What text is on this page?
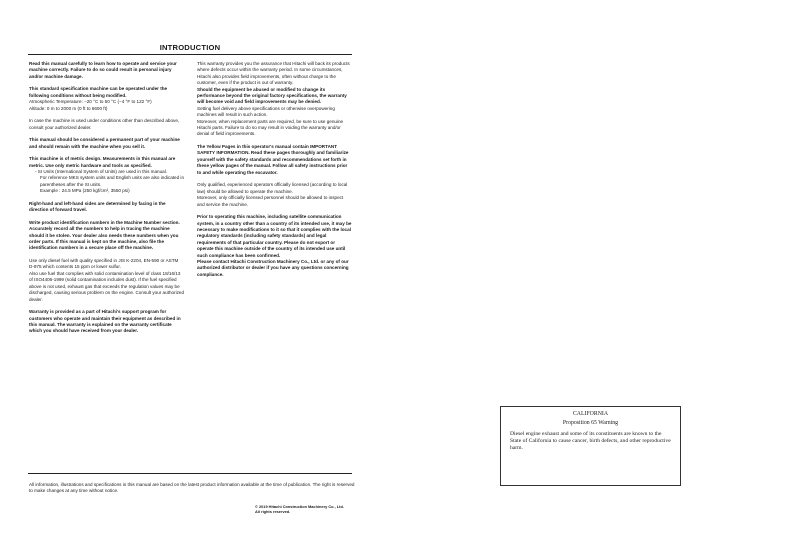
INTRODUCTION

Read this manual carefully to learn how to operate and service your machine correctly. Failure to do so could result in personal injury and/or machine damage.

This standard specification machine can be operated under the following conditions without being modified.
Atmospheric Temperature: −20 °C to 50 °C (−4 °F to 122 °F)
Altitude: 0 m to 2000 m (0 ft to 6600 ft)

In case the machine is used under conditions other than described above, consult your authorized dealer.

This manual should be considered a permanent part of your machine and should remain with the machine when you sell it.

This machine is of metric design. Measurements in this manual are metric. Use only metric hardware and tools as specified.

- SI Units (International System of Units) are used in this manual.
For reference MKS system units and English units are also indicated in parentheses after the SI units.
Example : 24.5 MPa (250 kgf/cm², 3550 psi)

Right-hand and left-hand sides are determined by facing in the direction of forward travel.

Write product identification numbers in the Machine Number section. Accurately record all the numbers to help in tracing the machine should it be stolen. Your dealer also needs these numbers when you order parts. If this manual is kept on the machine, also file the identification numbers in a secure place off the machine.

Use only diesel fuel with quality specified in JIS K-2204, EN-590 or ASTM D-975 which contents 15 ppm or lower sulfur.
Also use fuel that complies with solid contamination level of class 18/16/13 of ISO4406-1999 (solid contamination includes dust). If the fuel specified above is not used, exhaust gas that exceeds the regulation values may be discharged, causing serious problem on the engine. Consult your authorized dealer.

Warranty is provided as a part of Hitachi's support program for customers who operate and maintain their equipment as described in this manual. The warranty is explained on the warranty certificate which you should have received from your dealer.

This warranty provides you the assurance that Hitachi will back its products where defects occur within the warranty period. In some circumstances, Hitachi also provides field improvements, often without charge to the customer, even if the product is out of warranty.
Should the equipment be abused or modified to change its performance beyond the original factory specifications, the warranty will become void and field improvements may be denied.
Setting fuel delivery above specifications or otherwise overpowering machines will result in such action.
Moreover, when replacement parts are required, be sure to use genuine Hitachi parts. Failure to do so may result in voiding the warranty and/or denial of field improvements.

The Yellow Pages in this operator's manual contain IMPORTANT SAFETY INFORMATION. Read these pages thoroughly and familiarize yourself with the safety standards and recommendations set forth in these yellow pages of the manual. Follow all safety instructions prior to and while operating the excavator.

Only qualified, experienced operators officially licensed (according to local law) should be allowed to operate the machine.
Moreover, only officially licensed personnel should be allowed to inspect and service the machine.

Prior to operating this machine, including satellite communication system, in a country other than a country of its intended use, it may be necessary to make modifications to it so that it complies with the local regulatory standards (including safety standards) and legal requirements of that particular country. Please do not export or operate this machine outside of the country of its intended use until such compliance has been confirmed.
Please contact Hitachi Construction Machinery Co., Ltd. or any of our authorized distributor or dealer if you have any questions concerning compliance.

All information, illustrations and specifications in this manual are based on the latest product information available at the time of publication. The right is reserved to make changes at any time without notice.
© 2019 Hitachi Construction Machinery Co., Ltd.
All rights reserved.
CALIFORNIA
Proposition 65 Warning
Diesel engine exhaust and some of its constituents are known to the State of California to cause cancer, birth defects, and other reproductive harm.
